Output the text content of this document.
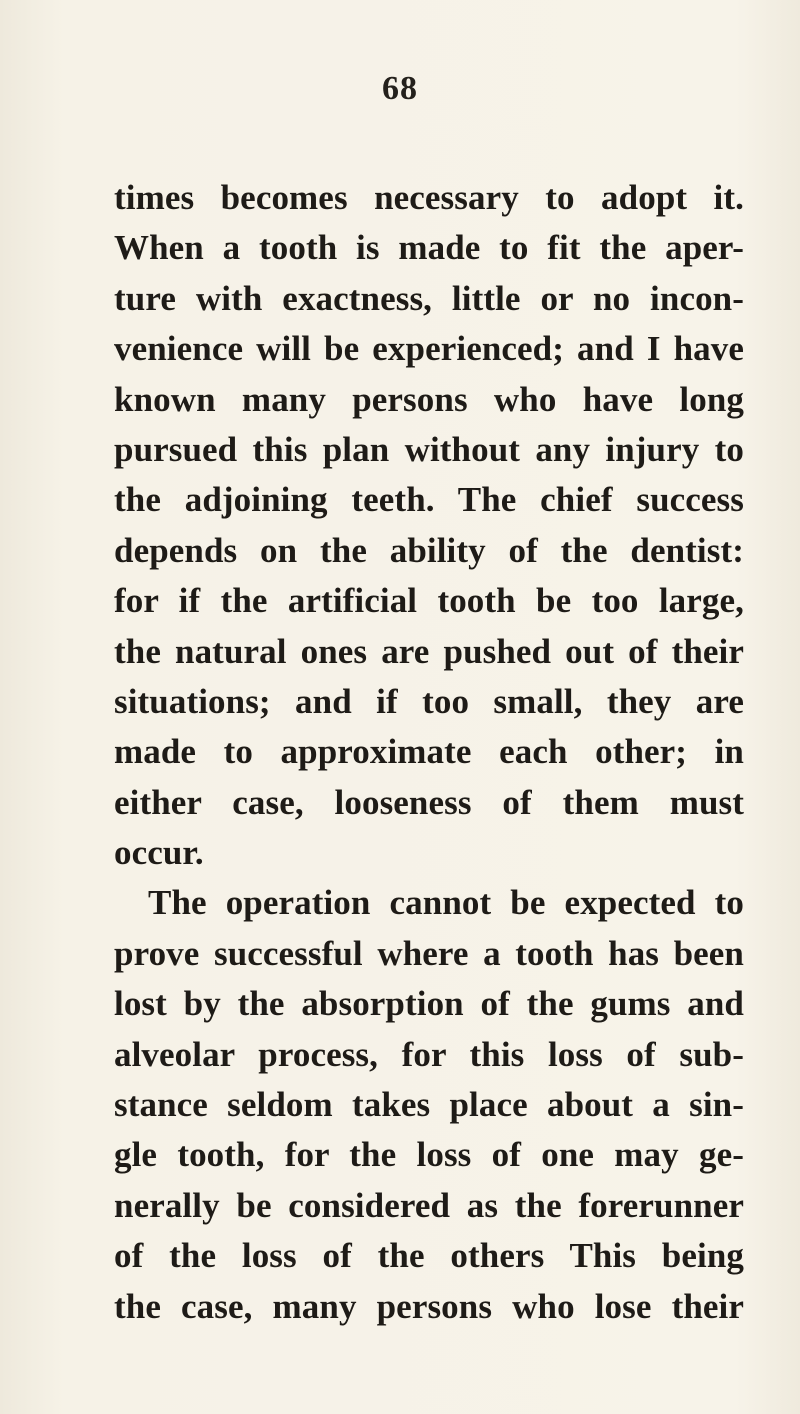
68
times becomes necessary to adopt it.
When a tooth is made to fit the aper-
ture with exactness, little or no incon-
venience will be experienced; and I have
known many persons who have long
pursued this plan without any injury to
the adjoining teeth. The chief success
depends on the ability of the dentist:
for if the artificial tooth be too large,
the natural ones are pushed out of their
situations; and if too small, they are
made to approximate each other; in
either case, looseness of them must
occur.
The operation cannot be expected to
prove successful where a tooth has been
lost by the absorption of the gums and
alveolar process, for this loss of sub-
stance seldom takes place about a sin-
gle tooth, for the loss of one may ge-
nerally be considered as the forerunner
of the loss of the others This being
the case, many persons who lose their
